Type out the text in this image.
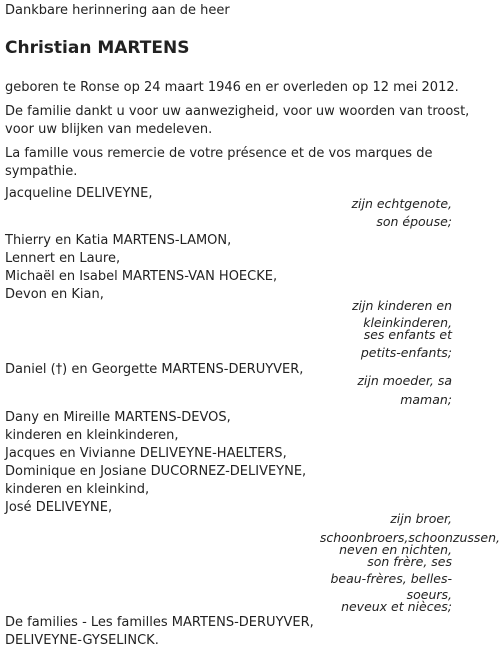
Dankbare herinnering aan de heer
Christian MARTENS
geboren te Ronse op 24 maart 1946 en er overleden op 12 mei 2012.
De familie dankt u voor uw aanwezigheid, voor uw woorden van troost,
voor uw blijken van medeleven.
La famille vous remercie de votre présence et de vos marques de
sympathie.
Jacqueline DELIVEYNE,
zijn echtgenote,
son épouse;
Thierry en Katia MARTENS-LAMON,
Lennert en Laure,
Michaël en Isabel MARTENS-VAN HOECKE,
Devon en Kian,
zijn kinderen en
kleinkinderen,
ses enfants et
petits-enfants;
Daniel (†) en Georgette MARTENS-DERUYVER,
zijn moeder, sa
maman;
Dany en Mireille MARTENS-DEVOS,
kinderen en kleinkinderen,
Jacques en Vivianne DELIVEYNE-HAELTERS,
Dominique en Josiane DUCORNEZ-DELIVEYNE,
kinderen en kleinkind,
José DELIVEYNE,
zijn broer,
schoonbroers,schoonzussen,
neven en nichten,
son frère, ses
beau-frères, belles-
soeurs,
neveux et nièces;
De families - Les familles MARTENS-DERUYVER,
DELIVEYNE-GYSELINCK.
